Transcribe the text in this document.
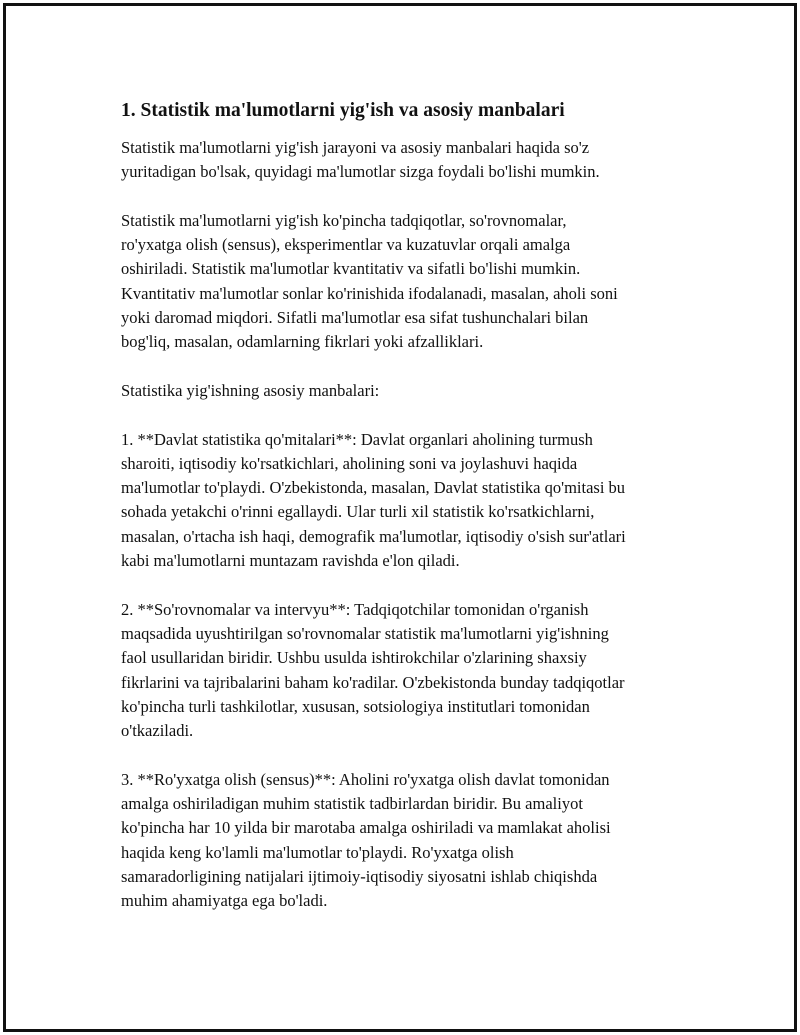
1. Statistik ma'lumotlarni yig'ish va asosiy manbalari

Statistik ma'lumotlarni yig'ish jarayoni va asosiy manbalari haqida so'z
yuritadigan bo'lsak, quyidagi ma'lumotlar sizga foydali bo'lishi mumkin.

Statistik ma'lumotlarni yig'ish ko'pincha tadqiqotlar, so'rovnomalar,
ro'yxatga olish (sensus), eksperimentlar va kuzatuvlar orqali amalga
oshiriladi. Statistik ma'lumotlar kvantitativ va sifatli bo'lishi mumkin.
Kvantitativ ma'lumotlar sonlar ko'rinishida ifodalanadi, masalan, aholi soni
yoki daromad miqdori. Sifatli ma'lumotlar esa sifat tushunchalari bilan
bog'liq, masalan, odamlarning fikrlari yoki afzalliklari.

Statistika yig'ishning asosiy manbalari:

1. **Davlat statistika qo'mitalari**: Davlat organlari aholining turmush
sharoiti, iqtisodiy ko'rsatkichlari, aholining soni va joylashuvi haqida
ma'lumotlar to'playdi. O'zbekistonda, masalan, Davlat statistika qo'mitasi bu
sohada yetakchi o'rinni egallaydi. Ular turli xil statistik ko'rsatkichlarni,
masalan, o'rtacha ish haqi, demografik ma'lumotlar, iqtisodiy o'sish sur'atlari
kabi ma'lumotlarni muntazam ravishda e'lon qiladi.

2. **So'rovnomalar va intervyu**: Tadqiqotchilar tomonidan o'rganish
maqsadida uyushtirilgan so'rovnomalar statistik ma'lumotlarni yig'ishning
faol usullaridan biridir. Ushbu usulda ishtirokchilar o'zlarining shaxsiy
fikrlarini va tajribalarini baham ko'radilar. O'zbekistonda bunday tadqiqotlar
ko'pincha turli tashkilotlar, xususan, sotsiologiya institutlari tomonidan
o'tkaziladi.

3. **Ro'yxatga olish (sensus)**: Aholini ro'yxatga olish davlat tomonidan
amalga oshiriladigan muhim statistik tadbirlardan biridir. Bu amaliyot
ko'pincha har 10 yilda bir marotaba amalga oshiriladi va mamlakat aholisi
haqida keng ko'lamli ma'lumotlar to'playdi. Ro'yxatga olish
samaradorligining natijalari ijtimoiy-iqtisodiy siyosatni ishlab chiqishda
muhim ahamiyatga ega bo'ladi.
